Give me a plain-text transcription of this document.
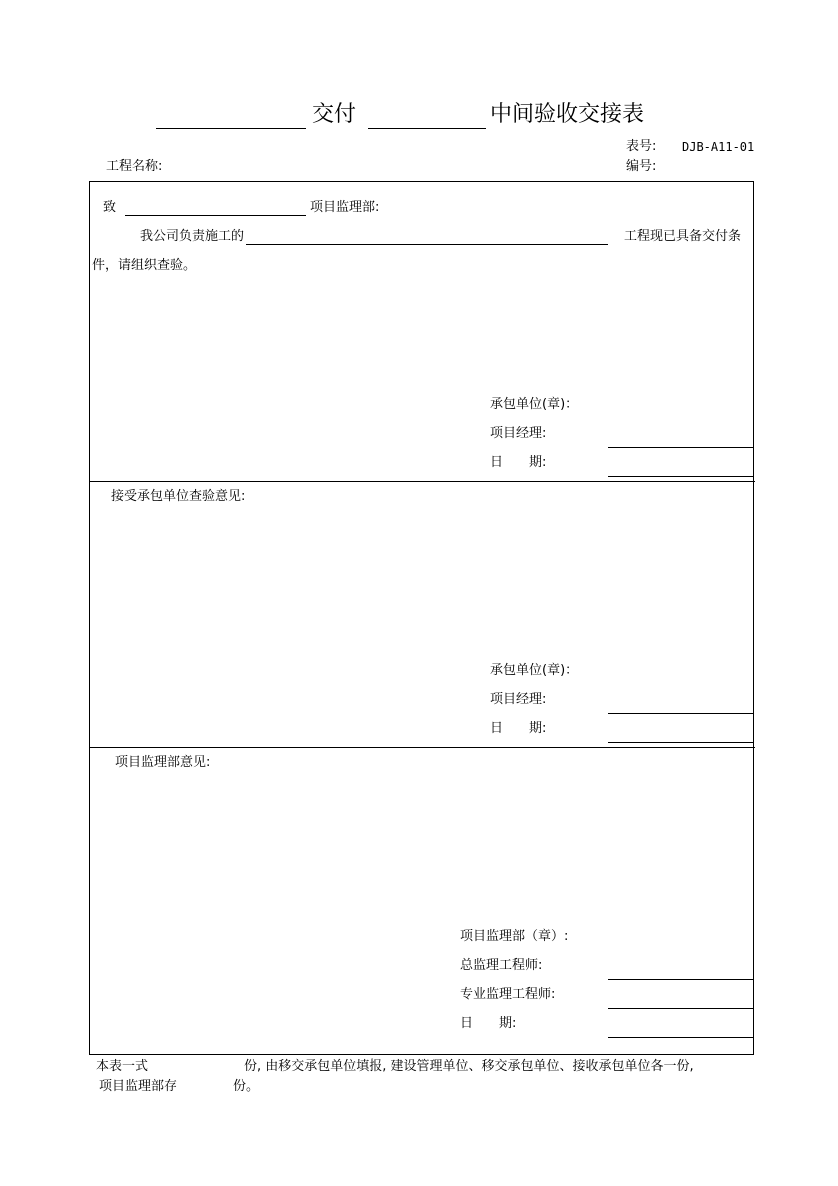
交付	中间验收交接表
表号: DJB-A11-01
编号:
工程名称:
致	项目监理部:
我公司负责施工的	工程现已具备交付条
件，请组织查验。
承包单位(章)：
项目经理:
日　　期:
接受承包单位查验意见:
承包单位(章)：
项目经理:
日　　期:
项目监理部意见:
项目监理部（章）:
总监理工程师:
专业监理工程师:
日　　期:
本表一式	份, 由移交承包单位填报, 建设管理单位、移交承包单位、接收承包单位各一份,
项目监理部存	份。
